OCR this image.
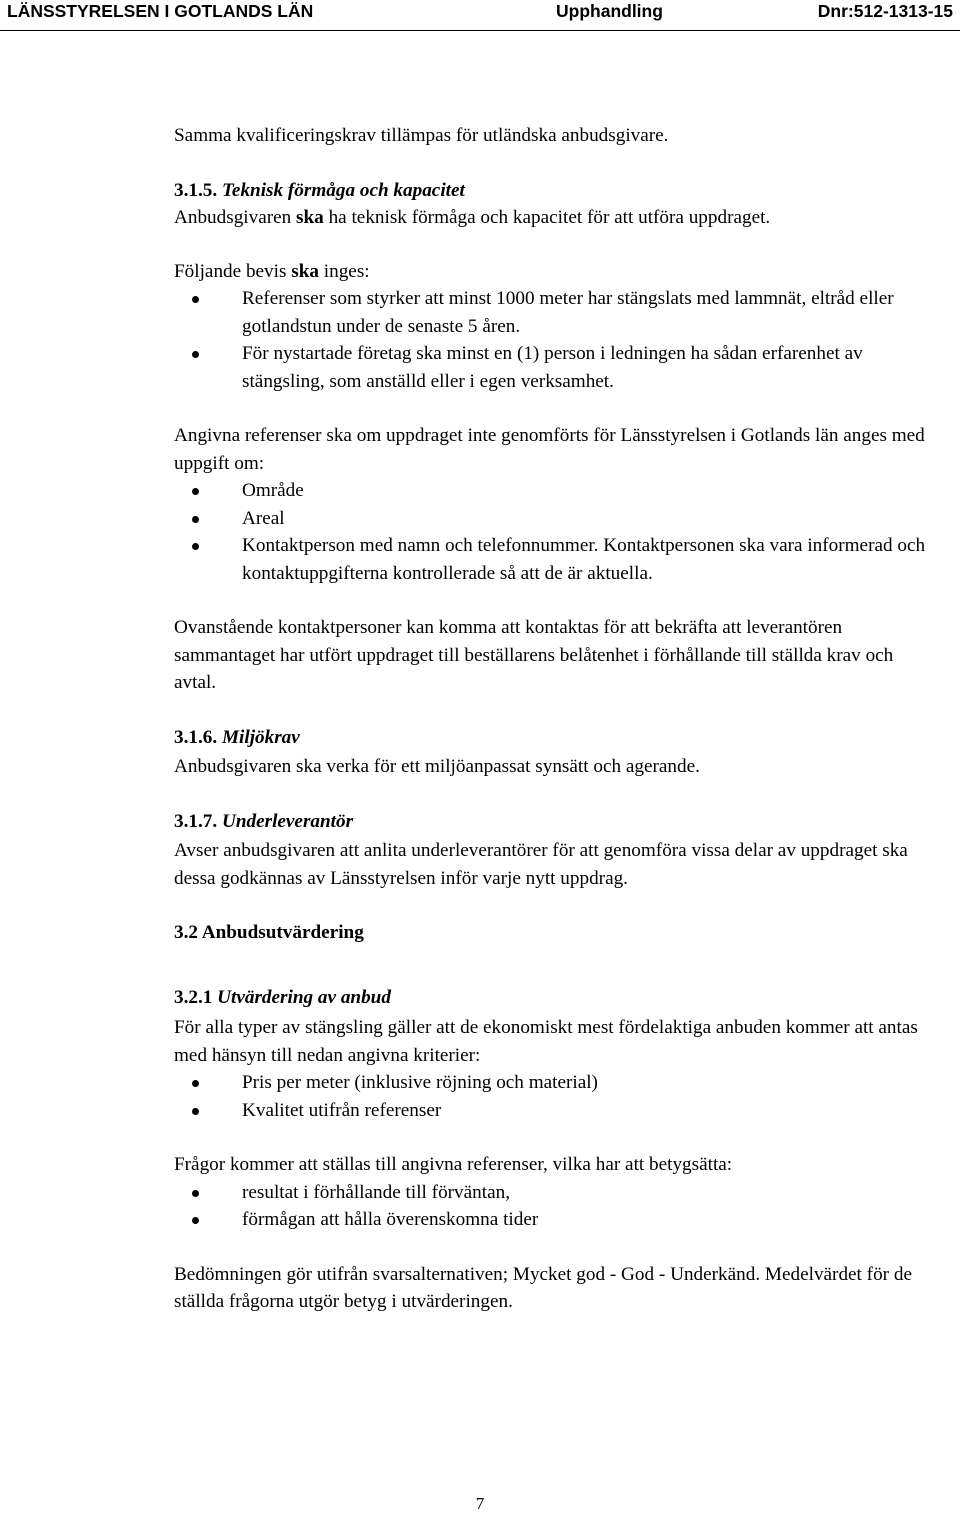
LÄNSSTYRELSEN I GOTLANDS LÄN	Upphandling	Dnr:512-1313-15

Samma kvalificeringskrav tillämpas för utländska anbudsgivare.

3.1.5. Teknisk förmåga och kapacitet

Anbudsgivaren ska ha teknisk förmåga och kapacitet för att utföra uppdraget.

Följande bevis ska inges:

Referenser som styrker att minst 1000 meter har stängslats med lammnät, eltråd eller gotlandstun under de senaste 5 åren.
För nystartade företag ska minst en (1) person i ledningen ha sådan erfarenhet av stängsling, som anställd eller i egen verksamhet.

Angivna referenser ska om uppdraget inte genomförts för Länsstyrelsen i Gotlands län anges med uppgift om:

Område
Areal
Kontaktperson med namn och telefonnummer. Kontaktpersonen ska vara informerad och kontaktuppgifterna kontrollerade så att de är aktuella.

Ovanstående kontaktpersoner kan komma att kontaktas för att bekräfta att leverantören sammantaget har utfört uppdraget till beställarens belåtenhet i förhållande till ställda krav och avtal.

3.1.6. Miljökrav

Anbudsgivaren ska verka för ett miljöanpassat synsätt och agerande.

3.1.7. Underleverantör

Avser anbudsgivaren att anlita underleverantörer för att genomföra vissa delar av uppdraget ska dessa godkännas av Länsstyrelsen inför varje nytt uppdrag.

3.2 Anbudsutvärdering

3.2.1 Utvärdering av anbud

För alla typer av stängsling gäller att de ekonomiskt mest fördelaktiga anbuden kommer att antas med hänsyn till nedan angivna kriterier:

Pris per meter (inklusive röjning och material)
Kvalitet utifrån referenser

Frågor kommer att ställas till angivna referenser, vilka har att betygsätta:

resultat i förhållande till förväntan,
förmågan att hålla överenskomna tider

Bedömningen gör utifrån svarsalternativen; Mycket god - God - Underkänd. Medelvärdet för de ställda frågorna utgör betyg i utvärderingen.

7
